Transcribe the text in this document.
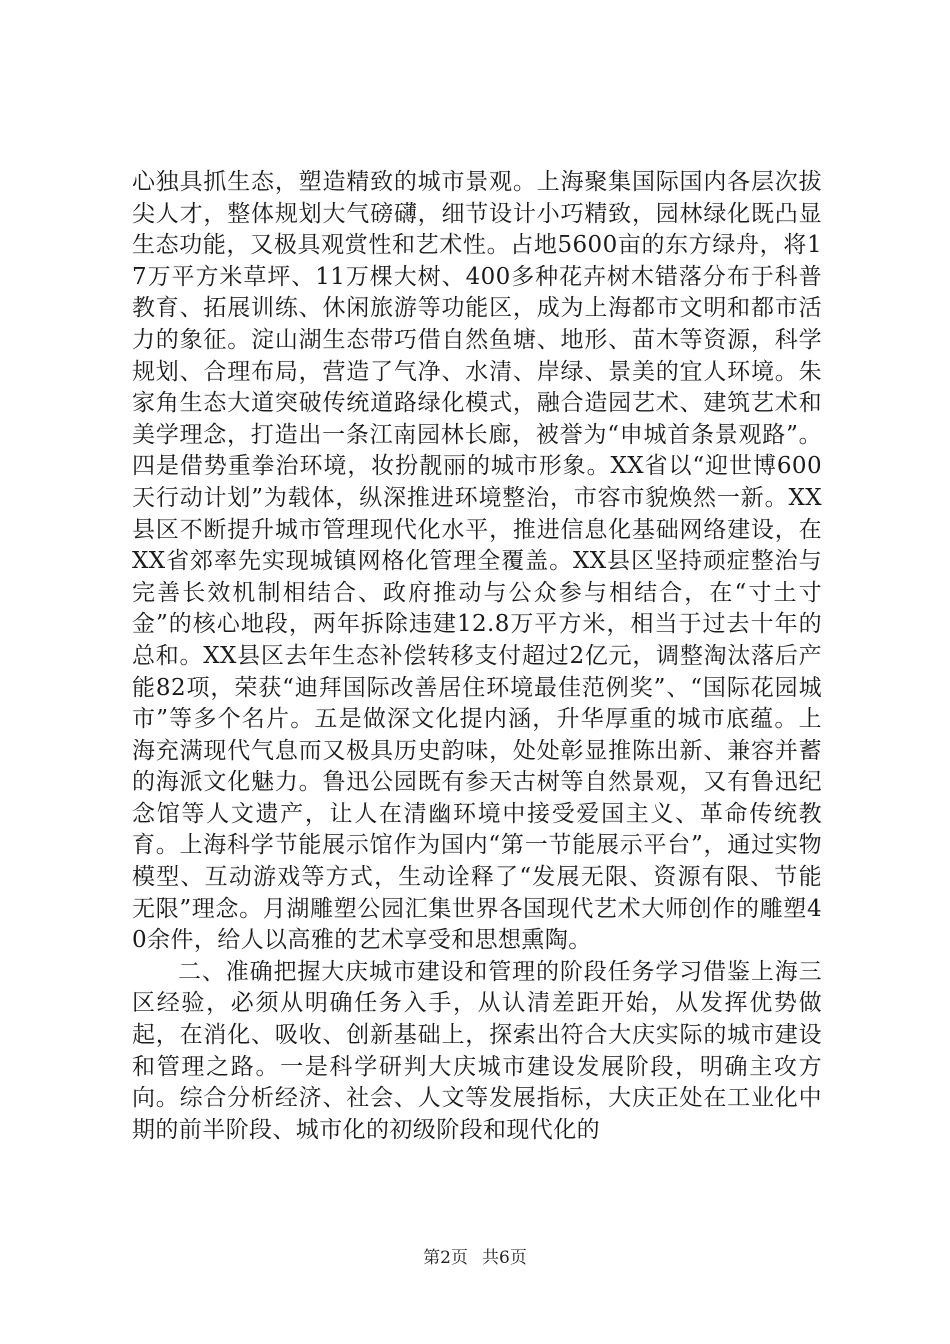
心独具抓生态，塑造精致的城市景观。上海聚集国际国内各层次拔尖人才，整体规划大气磅礴，细节设计小巧精致，园林绿化既凸显生态功能，又极具观赏性和艺术性。占地5600亩的东方绿舟，将17万平方米草坪、11万棵大树、400多种花卉树木错落分布于科普教育、拓展训练、休闲旅游等功能区，成为上海都市文明和都市活力的象征。淀山湖生态带巧借自然鱼塘、地形、苗木等资源，科学规划、合理布局，营造了气净、水清、岸绿、景美的宜人环境。朱家角生态大道突破传统道路绿化模式，融合造园艺术、建筑艺术和美学理念，打造出一条江南园林长廊，被誉为“申城首条景观路”。四是借势重拳治环境，妆扮靓丽的城市形象。XX省以“迎世博600天行动计划”为载体，纵深推进环境整治，市容市貌焕然一新。XX县区不断提升城市管理现代化水平，推进信息化基础网络建设，在XX省郊率先实现城镇网格化管理全覆盖。XX县区坚持顽症整治与完善长效机制相结合、政府推动与公众参与相结合，在“寸土寸金”的核心地段，两年拆除违建12.8万平方米，相当于过去十年的总和。XX县区去年生态补偿转移支付超过2亿元，调整淘汰落后产能82项，荣获“迪拜国际改善居住环境最佳范例奖”、“国际花园城市”等多个名片。五是做深文化提内涵，升华厚重的城市底蕴。上海充满现代气息而又极具历史韵味，处处彰显推陈出新、兼容并蓄的海派文化魅力。鲁迅公园既有参天古树等自然景观，又有鲁迅纪念馆等人文遗产，让人在清幽环境中接受爱国主义、革命传统教育。上海科学节能展示馆作为国内“第一节能展示平台”，通过实物模型、互动游戏等方式，生动诠释了“发展无限、资源有限、节能无限”理念。月湖雕塑公园汇集世界各国现代艺术大师创作的雕塑40余件，给人以高雅的艺术享受和思想熏陶。

二、准确把握大庆城市建设和管理的阶段任务学习借鉴上海三区经验，必须从明确任务入手，从认清差距开始，从发挥优势做起，在消化、吸收、创新基础上，探索出符合大庆实际的城市建设和管理之路。一是科学研判大庆城市建设发展阶段，明确主攻方向。综合分析经济、社会、人文等发展指标，大庆正处在工业化中期的前半阶段、城市化的初级阶段和现代化的

第2页 共6页
